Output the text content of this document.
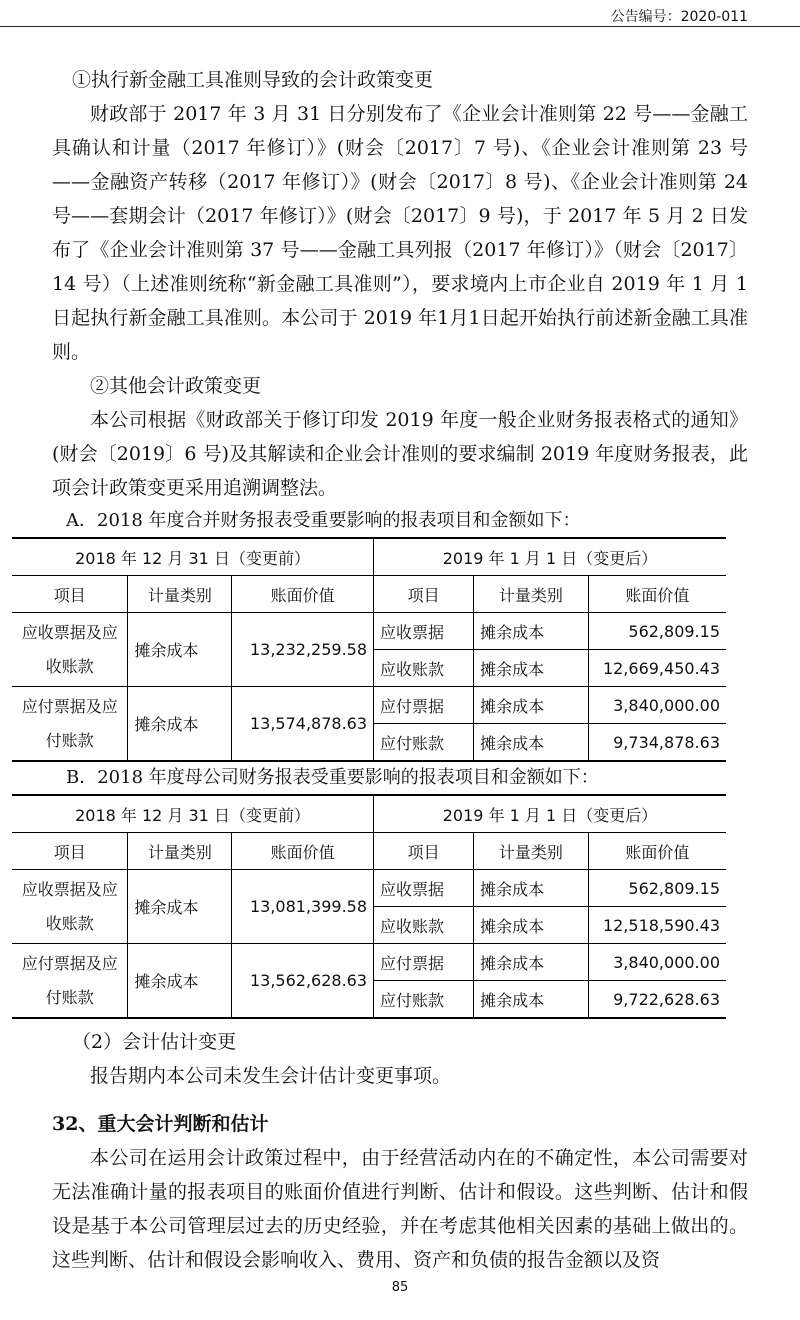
公告编号：2020-011

①执行新金融工具准则导致的会计政策变更

财政部于 2017 年 3 月 31 日分别发布了《企业会计准则第 22 号——金融工具确认和计量（2017 年修订）》(财会〔2017〕7 号)、《企业会计准则第 23 号——金融资产转移（2017 年修订）》(财会〔2017〕8 号)、《企业会计准则第 24 号——套期会计（2017 年修订）》(财会〔2017〕9 号)，于 2017 年 5 月 2 日发布了《企业会计准则第 37 号——金融工具列报（2017 年修订）》（财会〔2017〕14 号）（上述准则统称“新金融工具准则”），要求境内上市企业自 2019 年 1 月 1 日起执行新金融工具准则。本公司于 2019 年1月1日起开始执行前述新金融工具准则。

②其他会计政策变更

本公司根据《财政部关于修订印发 2019 年度一般企业财务报表格式的通知》(财会〔2019〕6 号)及其解读和企业会计准则的要求编制 2019 年度财务报表，此项会计政策变更采用追溯调整法。

A．2018 年度合并财务报表受重要影响的报表项目和金额如下：
2018 年 12 月 31 日（变更前）			2019 年 1 月 1 日（变更后）		
项目	计量类别	账面价值	项目	计量类别	账面价值

应收票据及应
收账款	摊余成本	13,232,259.58	应收票据	摊余成本	562,809.15
			应收账款	摊余成本	12,669,450.43

应付票据及应
付账款	摊余成本	13,574,878.63	应付票据	摊余成本	3,840,000.00
			应付账款	摊余成本	9,734,878.63
B．2018 年度母公司财务报表受重要影响的报表项目和金额如下：
2018 年 12 月 31 日（变更前）			2019 年 1 月 1 日（变更后）		
项目	计量类别	账面价值	项目	计量类别	账面价值

应收票据及应
收账款	摊余成本	13,081,399.58	应收票据	摊余成本	562,809.15
			应收账款	摊余成本	12,518,590.43

应付票据及应
付账款	摊余成本	13,562,628.63	应付票据	摊余成本	3,840,000.00
			应付账款	摊余成本	9,722,628.63

（2）会计估计变更

报告期内本公司未发生会计估计变更事项。

32、重大会计判断和估计

本公司在运用会计政策过程中，由于经营活动内在的不确定性，本公司需要对无法准确计量的报表项目的账面价值进行判断、估计和假设。这些判断、估计和假设是基于本公司管理层过去的历史经验，并在考虑其他相关因素的基础上做出的。这些判断、估计和假设会影响收入、费用、资产和负债的报告金额以及资

85
